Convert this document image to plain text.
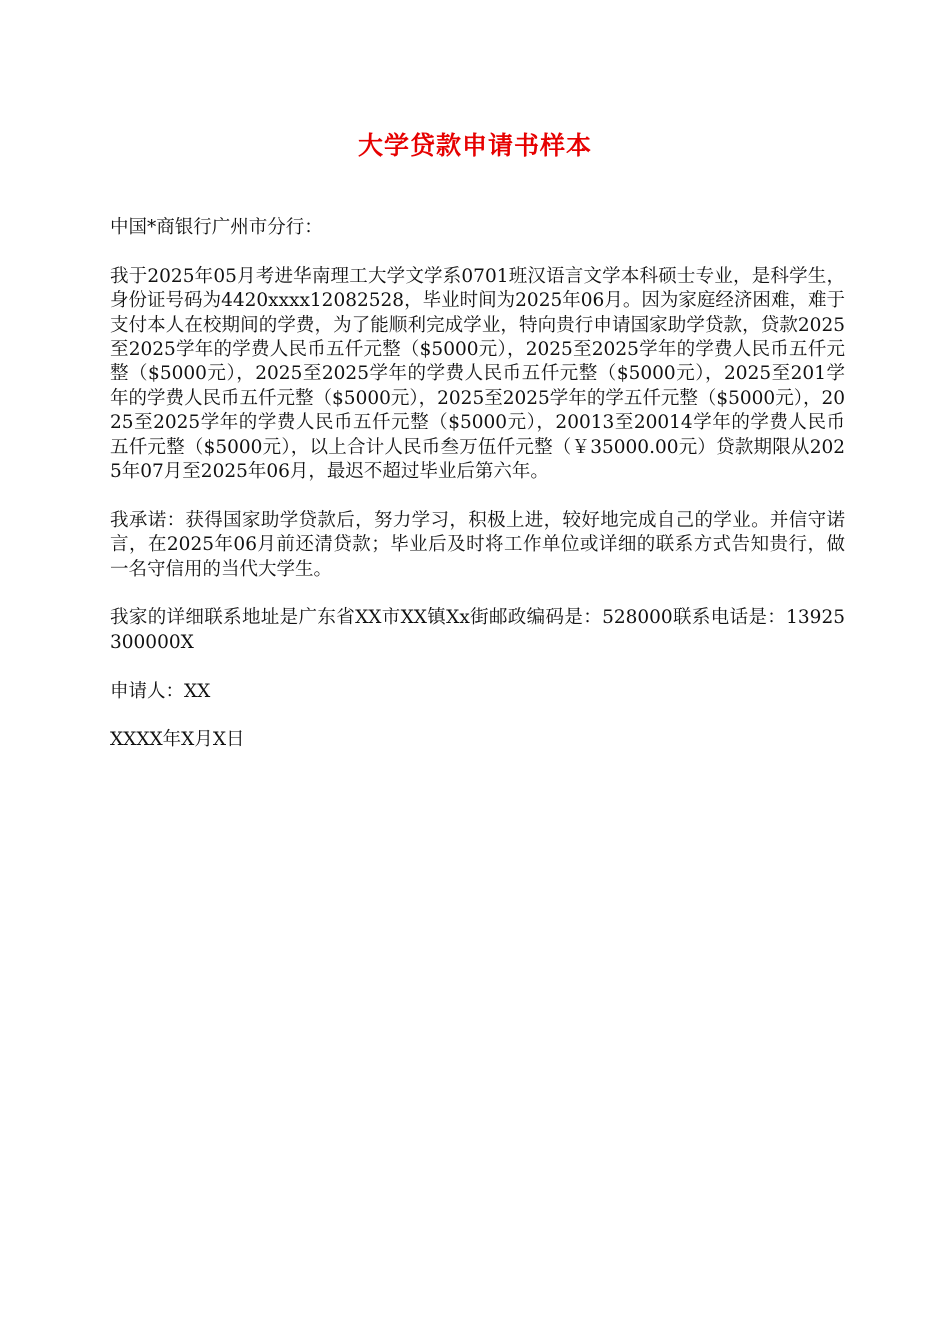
大学贷款申请书样本

中国*商银行广州市分行：

我于2025年05月考进华南理工大学文学系0701班汉语言文学本科硕士专业，是科学生，身份证号码为4420xxxx12082528，毕业时间为2025年06月。因为家庭经济困难，难于支付本人在校期间的学费，为了能顺利完成学业，特向贵行申请国家助学贷款，贷款2025至2025学年的学费人民币五仟元整（$5000元），2025至2025学年的学费人民币五仟元整（$5000元），2025至2025学年的学费人民币五仟元整（$5000元），2025至201学年的学费人民币五仟元整（$5000元），2025至2025学年的学五仟元整（$5000元），2025至2025学年的学费人民币五仟元整（$5000元），20013至20014学年的学费人民币五仟元整（$5000元），以上合计人民币叁万伍仟元整（￥35000.00元）贷款期限从2025年07月至2025年06月，最迟不超过毕业后第六年。

我承诺：获得国家助学贷款后，努力学习，积极上进，较好地完成自己的学业。并信守诺言，在2025年06月前还清贷款；毕业后及时将工作单位或详细的联系方式告知贵行，做一名守信用的当代大学生。

我家的详细联系地址是广东省XX市XX镇Xx街邮政编码是：528000联系电话是：13925300000X

申请人：XX

XXXX年X月X日
